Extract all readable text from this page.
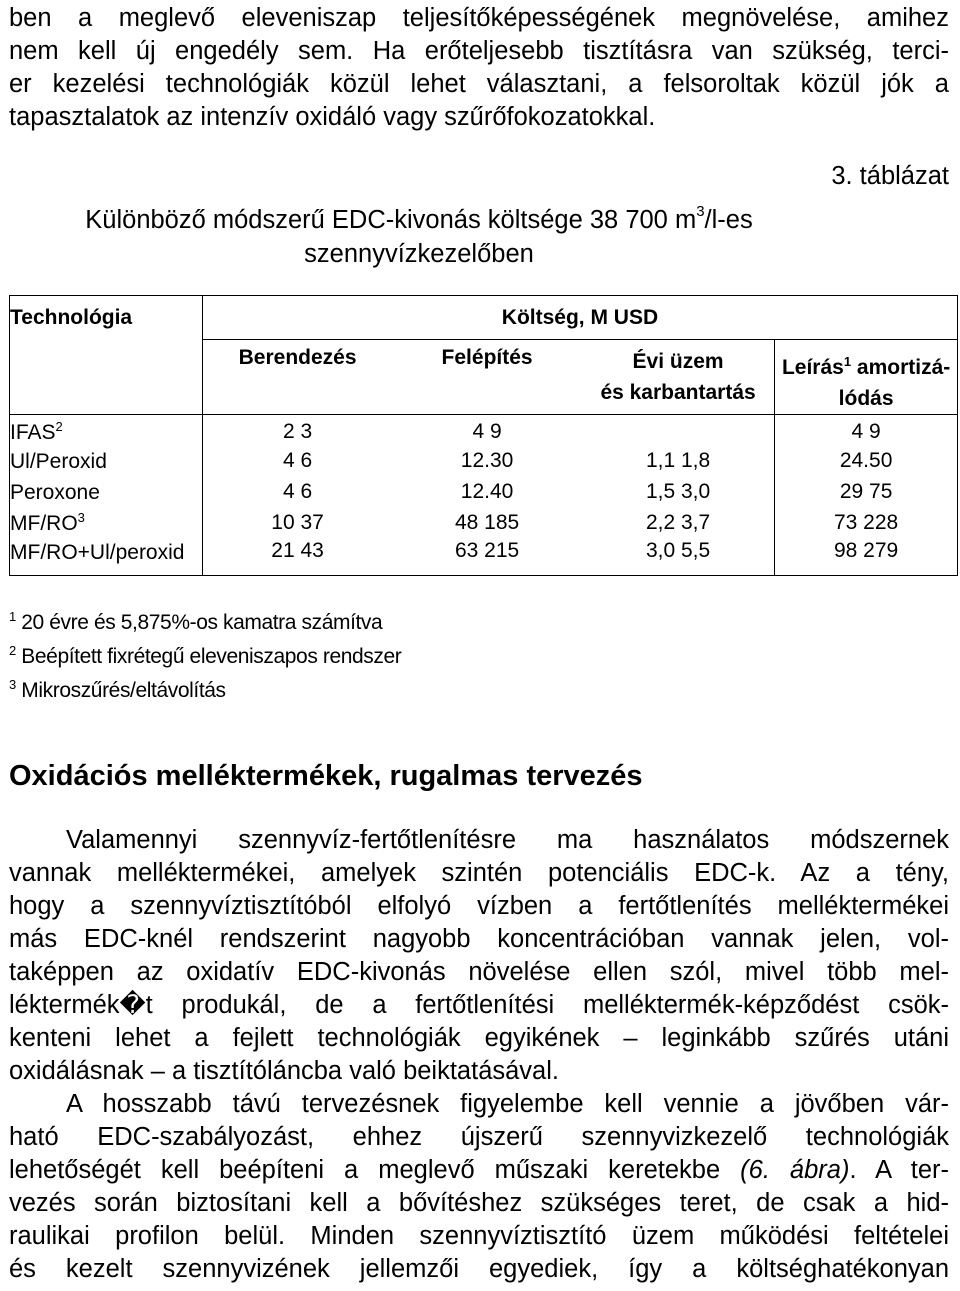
ben a meglevő eleveniszap teljesítőképességének megnövelése, amihez
nem kell új engedély sem. Ha erőteljesebb tisztításra van szükség, terci-
er kezelési technológiák közül lehet választani, a felsoroltak közül jók a
tapasztalatok az intenzív oxidáló vagy szűrőfokozatokkal.

3. táblázat
Különböző módszerű EDC-kivonás költsége 38 700 $m^3/l-es$
szennyvízkezelőben
Technológia	Költség, M USD			
	Berendezés	Felépítés	Évi üzem
és karbantartás	Leírás$^1$ amortizá-
lódás
IFAS$^2$	2 3	4 9		4 9
Ul/Peroxid	4 6	12.30	1,1 1,8	24.50
Peroxone	4 6	12.40	1,5 3,0	29 75
$MF/RO^3$	10 37	48 185	2,2 3,7	73 228
MF/RO+Ul/peroxid	21 43	63 215	3,0 5,5	98 279
$^1$ 20 évre és 5,875%-os kamatra számítva
$^2$ Beépített fixrétegű eleveniszapos rendszer
$^3$ Mikroszűrés/eltávolítás
Oxidációs melléktermékek, rugalmas tervezés

Valamennyi szennyvíz-fertőtlenítésre ma használatos módszernek
vannak melléktermékei, amelyek szintén potenciális EDC-k. Az a tény,
hogy a szennyvíztisztítóból elfolyó vízben a fertőtlenítés melléktermékei
más EDC-knél rendszerint nagyobb koncentrációban vannak jelen, vol-
taképpen az oxidatív EDC-kivonás növelése ellen szól, mivel több mel-
léktermék�t produkál, de a fertőtlenítési melléktermék-képződést csök-
kenteni lehet a fejlett technológiák egyikének – leginkább szűrés utáni
oxidálásnak – a tisztítóláncba való beiktatásával.

A hosszabb távú tervezésnek figyelembe kell vennie a jövőben vár-
ható EDC-szabályozást, ehhez újszerű szennyvizkezelő technológiák
lehetőségét kell beépíteni a meglevő műszaki keretekbe (6. ábra). A ter-
vezés során biztosítani kell a bővítéshez szükséges teret, de csak a hid-
raulikai profilon belül. Minden szennyvíztisztító üzem működési feltételei
és kezelt szennyvizének jellemzői egyediek, így a költséghatékonyan
